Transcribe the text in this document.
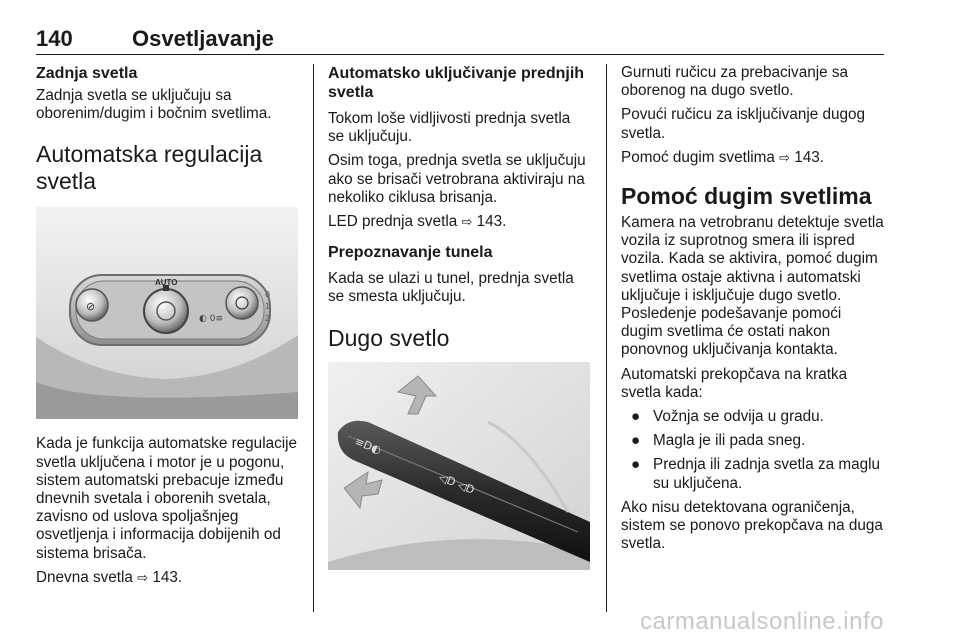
140	Osvetljavanje
Zadnja svetla

Zadnja svetla se uključuju sa oborenim/dugim i bočnim svetlima.

Automatska regulacija svetla
⊘
AUTO
◐ 0≡
0
1
2

Kada je funkcija automatske regulacije svetla uključena i motor je u pogonu, sistem automatski prebacuje između dnevnih svetala i oborenih svetala, zavisno od uslova spoljašnjeg osvetljenja i informacija dobijenih od sistema brisača.

Dnevna svetla ⇨ 143.

Automatsko uključivanje prednjih svetla

Tokom loše vidljivosti prednja svetla se uključuju.

Osim toga, prednja svetla se uključuju ako se brisači vetrobrana aktiviraju na nekoliko ciklusa brisanja.

LED prednja svetla ⇨ 143.

Prepoznavanje tunela

Kada se ulazi u tunel, prednja svetla se smesta uključuju.

Dugo svetlo
≡D◐
◁D ◁D

Gurnuti ručicu za prebacivanje sa oborenog na dugo svetlo.

Povući ručicu za isključivanje dugog svetla.

Pomoć dugim svetlima ⇨ 143.

Pomoć dugim svetlima

Kamera na vetrobranu detektuje svetla vozila iz suprotnog smera ili ispred vozila. Kada se aktivira, pomoć dugim svetlima ostaje aktivna i automatski uključuje i isključuje dugo svetlo. Posledenje podešavanje pomoći dugim svetlima će ostati nakon ponovnog uključivanja kontakta.

Automatski prekopčava na kratka svetla kada:

● Vožnja se odvija u gradu.
● Magla je ili pada sneg.
● Prednja ili zadnja svetla za maglu su uključena.

Ako nisu detektovana ograničenja, sistem se ponovo prekopčava na duga svetla.

carmanualsonline.info
